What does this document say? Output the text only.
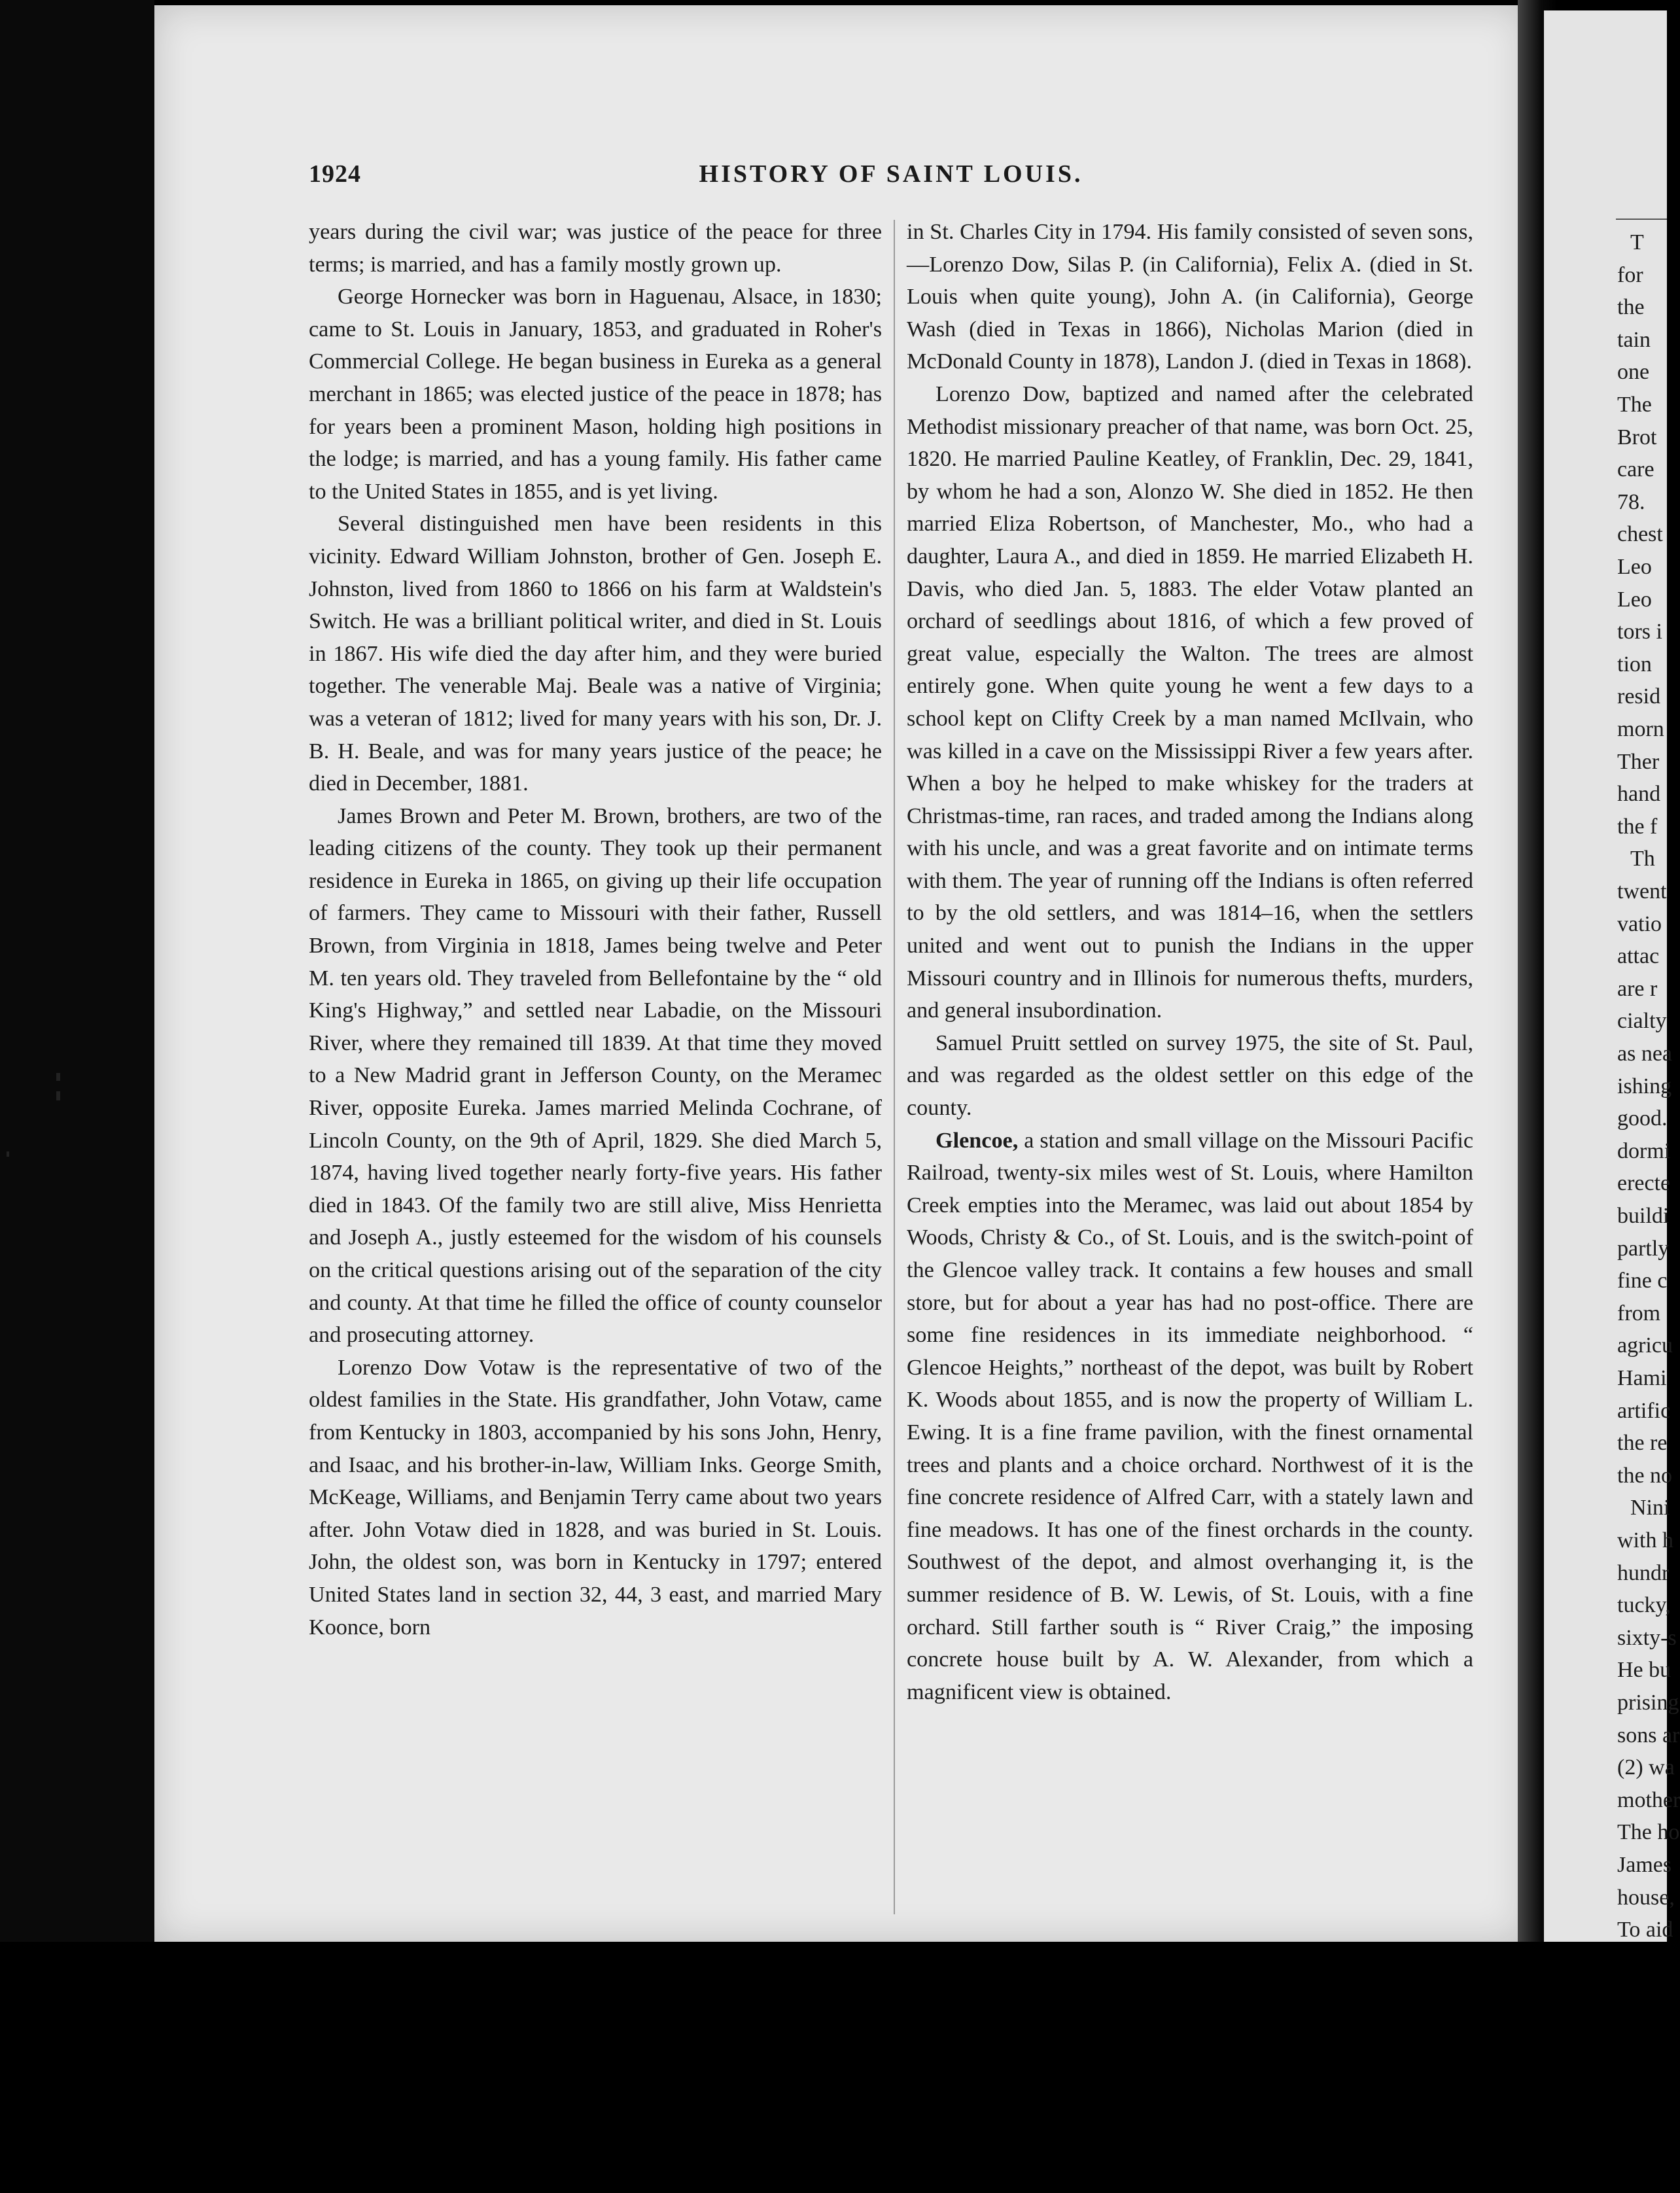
T
for
the
tain
one
The
Brot
care
78.
chest
Leo
Leo
tors i
tion
resid
morn
Ther
hand
the f
Th
twent
vatio
attac
are r
cialty
as nea
ishing
good.
dormi
erecte
buildi
partly
fine c
from
agricu
Hami
artific
the re
the no
Nini
with h
hundr
tucky,
sixty-s
He bu
prising
sons ar
(2) wa
mother
The ho
James
house,
To aid
1924	HISTORY OF SAINT LOUIS.

years during the civil war; was justice of the peace for three terms; is married, and has a family mostly grown up.

George Hornecker was born in Haguenau, Alsace, in 1830; came to St. Louis in January, 1853, and graduated in Roher's Commercial College. He began business in Eureka as a general merchant in 1865; was elected justice of the peace in 1878; has for years been a prominent Mason, holding high positions in the lodge; is married, and has a young family. His father came to the United States in 1855, and is yet living.

Several distinguished men have been residents in this vicinity. Edward William Johnston, brother of Gen. Joseph E. Johnston, lived from 1860 to 1866 on his farm at Waldstein's Switch. He was a brilliant political writer, and died in St. Louis in 1867. His wife died the day after him, and they were buried together. The venerable Maj. Beale was a native of Virginia; was a veteran of 1812; lived for many years with his son, Dr. J. B. H. Beale, and was for many years justice of the peace; he died in December, 1881.

James Brown and Peter M. Brown, brothers, are two of the leading citizens of the county. They took up their permanent residence in Eureka in 1865, on giving up their life occupation of farmers. They came to Missouri with their father, Russell Brown, from Virginia in 1818, James being twelve and Peter M. ten years old. They traveled from Bellefontaine by the “ old King's Highway,” and settled near Labadie, on the Missouri River, where they remained till 1839. At that time they moved to a New Madrid grant in Jefferson County, on the Meramec River, opposite Eureka. James married Melinda Cochrane, of Lincoln County, on the 9th of April, 1829. She died March 5, 1874, having lived together nearly forty-five years. His father died in 1843. Of the family two are still alive, Miss Henrietta and Joseph A., justly esteemed for the wisdom of his counsels on the critical questions arising out of the separation of the city and county. At that time he filled the office of county counselor and prosecuting attorney.

Lorenzo Dow Votaw is the representative of two of the oldest families in the State. His grandfather, John Votaw, came from Kentucky in 1803, accompanied by his sons John, Henry, and Isaac, and his brother-in-law, William Inks. George Smith, McKeage, Williams, and Benjamin Terry came about two years after. John Votaw died in 1828, and was buried in St. Louis. John, the oldest son, was born in Kentucky in 1797; entered United States land in section 32, 44, 3 east, and married Mary Koonce, born

in St. Charles City in 1794. His family consisted of seven sons,—Lorenzo Dow, Silas P. (in California), Felix A. (died in St. Louis when quite young), John A. (in California), George Wash (died in Texas in 1866), Nicholas Marion (died in McDonald County in 1878), Landon J. (died in Texas in 1868).

Lorenzo Dow, baptized and named after the celebrated Methodist missionary preacher of that name, was born Oct. 25, 1820. He married Pauline Keatley, of Franklin, Dec. 29, 1841, by whom he had a son, Alonzo W. She died in 1852. He then married Eliza Robertson, of Manchester, Mo., who had a daughter, Laura A., and died in 1859. He married Elizabeth H. Davis, who died Jan. 5, 1883. The elder Votaw planted an orchard of seedlings about 1816, of which a few proved of great value, especially the Walton. The trees are almost entirely gone. When quite young he went a few days to a school kept on Clifty Creek by a man named McIlvain, who was killed in a cave on the Mississippi River a few years after. When a boy he helped to make whiskey for the traders at Christmas-time, ran races, and traded among the Indians along with his uncle, and was a great favorite and on intimate terms with them. The year of running off the Indians is often referred to by the old settlers, and was 1814–16, when the settlers united and went out to punish the Indians in the upper Missouri country and in Illinois for numerous thefts, murders, and general insubordination.

Samuel Pruitt settled on survey 1975, the site of St. Paul, and was regarded as the oldest settler on this edge of the county.

Glencoe, a station and small village on the Missouri Pacific Railroad, twenty-six miles west of St. Louis, where Hamilton Creek empties into the Meramec, was laid out about 1854 by Woods, Christy & Co., of St. Louis, and is the switch-point of the Glencoe valley track. It contains a few houses and small store, but for about a year has had no post-office. There are some fine residences in its immediate neighborhood. “ Glencoe Heights,” northeast of the depot, was built by Robert K. Woods about 1855, and is now the property of William L. Ewing. It is a fine frame pavilion, with the finest ornamental trees and plants and a choice orchard. Northwest of it is the fine concrete residence of Alfred Carr, with a stately lawn and fine meadows. It has one of the finest orchards in the county. Southwest of the depot, and almost overhanging it, is the summer residence of B. W. Lewis, of St. Louis, with a fine orchard. Still farther south is “ River Craig,” the imposing concrete house built by A. W. Alexander, from which a magnificent view is obtained.
